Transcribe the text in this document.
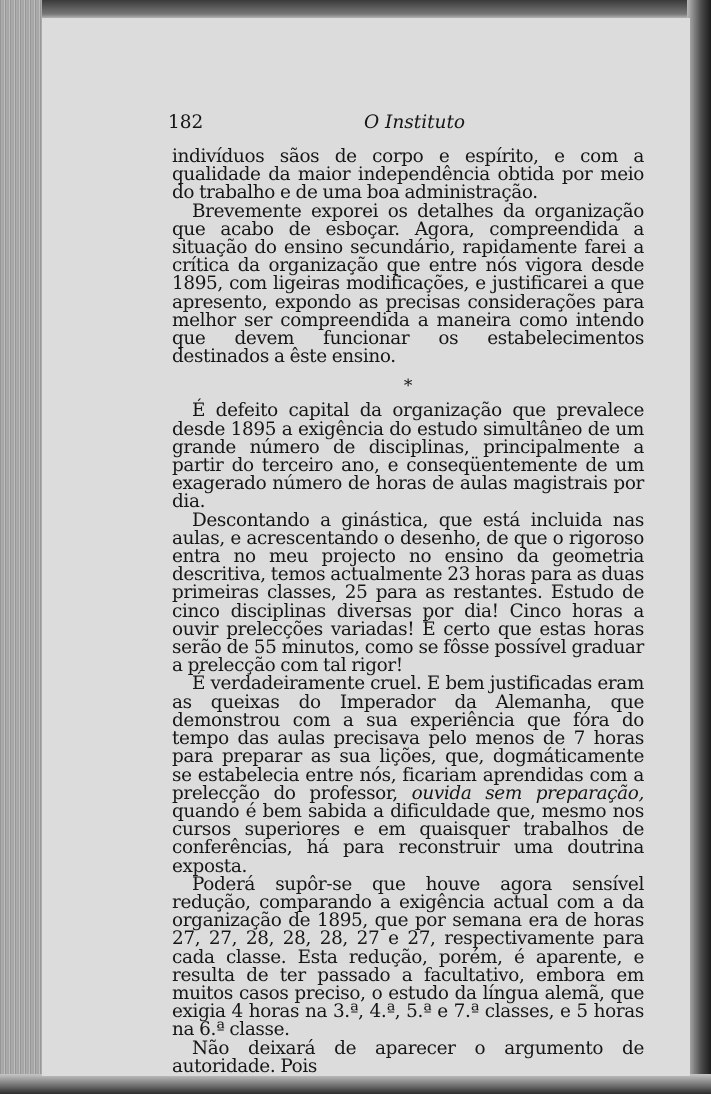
182	O Instituto

indivíduos sãos de corpo e espírito, e com a qualidade da maior independência obtida por meio do trabalho e de uma boa administração.

Brevemente exporei os detalhes da organização que acabo de esboçar. Agora, compreendida a situação do ensino secundário, rapidamente farei a crítica da organização que entre nós vigora desde 1895, com ligeiras modificações, e justificarei a que apresento, expondo as precisas considerações para melhor ser compreendida a maneira como intendo que devem funcionar os estabelecimentos destinados a êste ensino.

*

É defeito capital da organização que prevalece desde 1895 a exigência do estudo simultâneo de um grande número de disciplinas, principalmente a partir do terceiro ano, e conseqüentemente de um exagerado número de horas de aulas magistrais por dia.

Descontando a ginástica, que está incluida nas aulas, e acrescentando o desenho, de que o rigoroso entra no meu projecto no ensino da geometria descritiva, temos actualmente 23 horas para as duas primeiras classes, 25 para as restantes. Estudo de cinco disciplinas diversas por dia! Cinco horas a ouvir prelecções variadas! É certo que estas horas serão de 55 minutos, como se fôsse possível graduar a prelecção com tal rigor!

É verdadeiramente cruel. E bem justificadas eram as queixas do Imperador da Alemanha, que demonstrou com a sua experiência que fóra do tempo das aulas precisava pelo menos de 7 horas para preparar as sua lições, que, dogmáticamente se estabelecia entre nós, ficariam aprendidas com a prelecção do professor, ouvida sem preparação, quando é bem sabida a dificuldade que, mesmo nos cursos superiores e em quaisquer trabalhos de conferências, há para reconstruir uma doutrina exposta.

Poderá supôr-se que houve agora sensível redução, comparando a exigência actual com a da organização de 1895, que por semana era de horas 27, 27, 28, 28, 28, 27 e 27, respectivamente para cada classe. Esta redução, porém, é aparente, e resulta de ter passado a facultativo, embora em muitos casos preciso, o estudo da língua alemã, que exigia 4 horas na 3.ª, 4.ª, 5.ª e 7.ª classes, e 5 horas na 6.ª classe.

Não deixará de aparecer o argumento de autoridade. Pois
